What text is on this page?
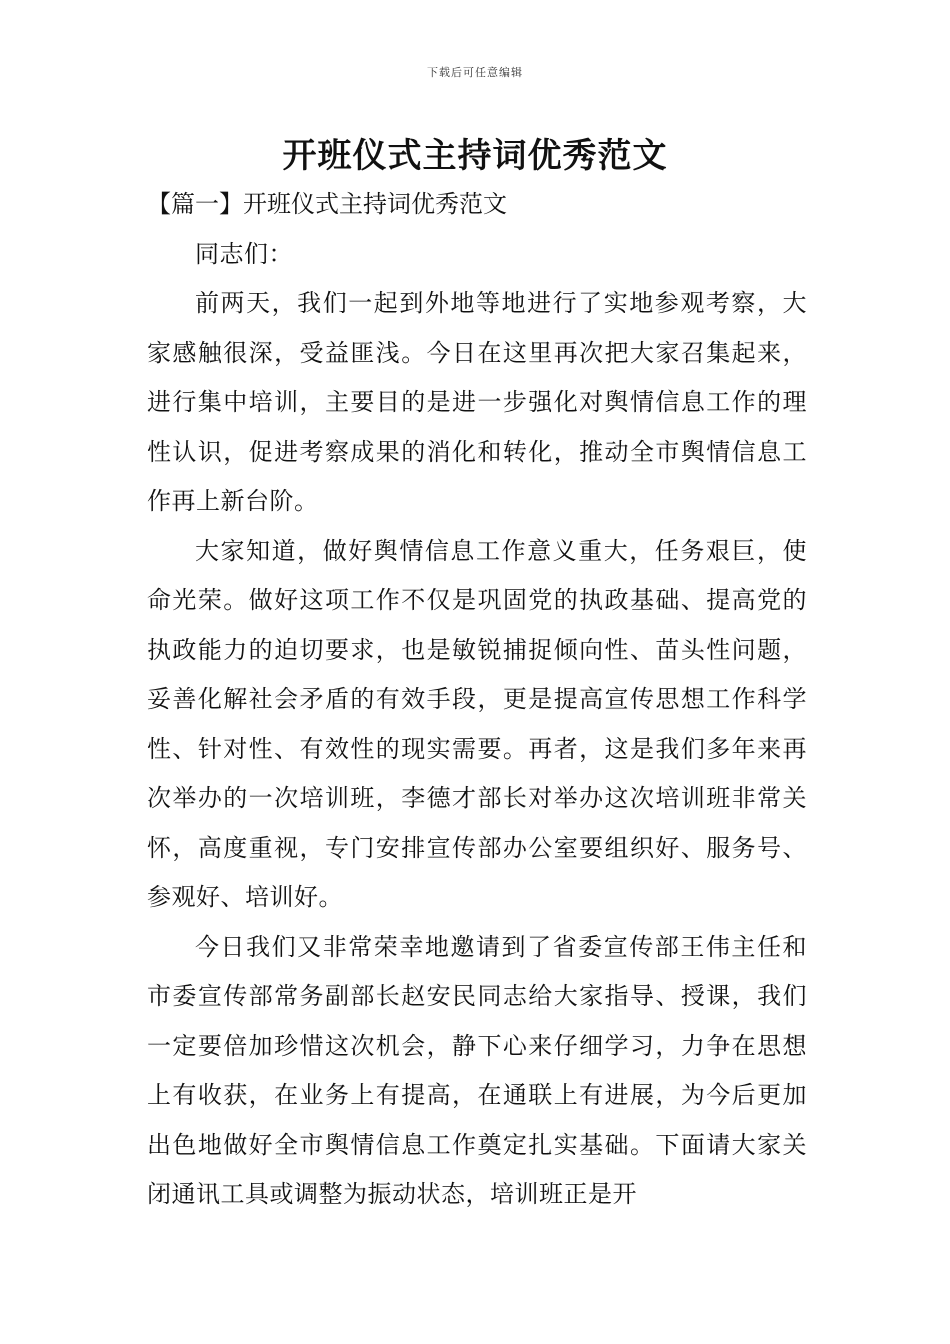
下载后可任意编辑
开班仪式主持词优秀范文
【篇一】开班仪式主持词优秀范文

同志们：

前两天，我们一起到外地等地进行了实地参观考察，大家感触很深，受益匪浅。今日在这里再次把大家召集起来，进行集中培训，主要目的是进一步强化对舆情信息工作的理性认识，促进考察成果的消化和转化，推动全市舆情信息工作再上新台阶。

大家知道，做好舆情信息工作意义重大，任务艰巨，使命光荣。做好这项工作不仅是巩固党的执政基础、提高党的执政能力的迫切要求，也是敏锐捕捉倾向性、苗头性问题，妥善化解社会矛盾的有效手段，更是提高宣传思想工作科学性、针对性、有效性的现实需要。再者，这是我们多年来再次举办的一次培训班，李德才部长对举办这次培训班非常关怀，高度重视，专门安排宣传部办公室要组织好、服务号、参观好、培训好。

今日我们又非常荣幸地邀请到了省委宣传部王伟主任和市委宣传部常务副部长赵安民同志给大家指导、授课，我们一定要倍加珍惜这次机会，静下心来仔细学习，力争在思想上有收获，在业务上有提高，在通联上有进展，为今后更加出色地做好全市舆情信息工作奠定扎实基础。下面请大家关闭通讯工具或调整为振动状态，培训班正是开
